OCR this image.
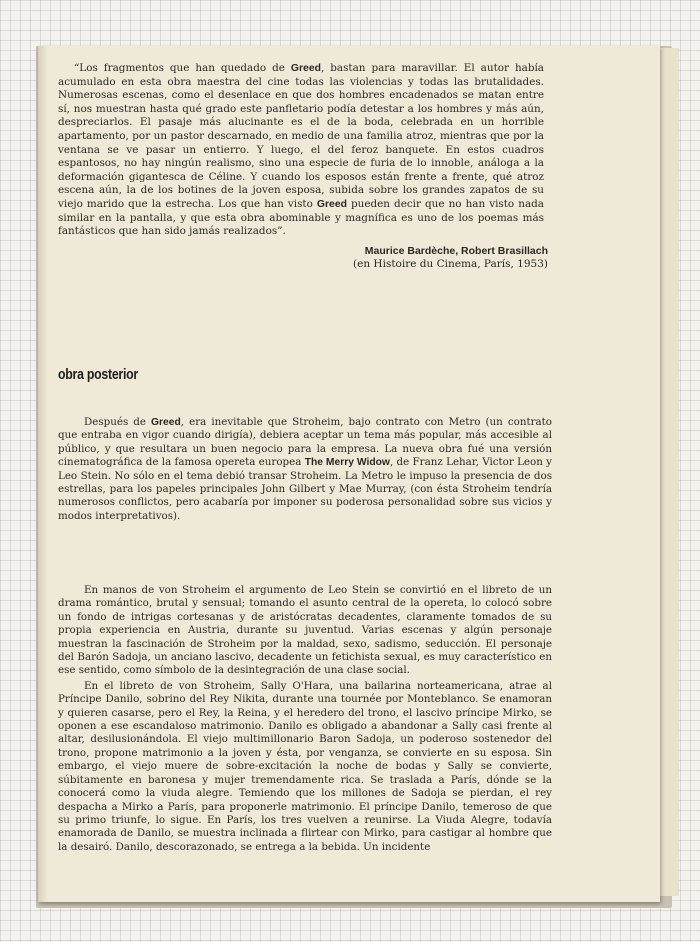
“Los fragmentos que han quedado de Greed, bastan para maravillar. El autor había acumulado en esta obra maestra del cine todas las violencias y todas las brutalidades. Numerosas escenas, como el desenlace en que dos hombres encadenados se matan entre sí, nos muestran hasta qué grado este panfletario podía detestar a los hombres y más aún, despreciarlos. El pasaje más alucinante es el de la boda, celebrada en un horrible apartamento, por un pastor descarnado, en medio de una familia atroz, mientras que por la ventana se ve pasar un entierro. Y luego, el del feroz banquete. En estos cuadros espantosos, no hay ningún realismo, sino una especie de furia de lo innoble, análoga a la deformación gigantesca de Céline. Y cuando los esposos están frente a frente, qué atroz escena aún, la de los botines de la joven esposa, subida sobre los grandes zapatos de su viejo marido que la estrecha. Los que han visto Greed pueden decir que no han visto nada similar en la pantalla, y que esta obra abominable y magnífica es uno de los poemas más fantásticos que han sido jamás realizados”.

Maurice Bardèche, Robert Brasillach
(en Histoire du Cinema, París, 1953)
obra posterior

Después de Greed, era inevitable que Stroheim, bajo contrato con Metro (un contrato que entraba en vigor cuando dirigía), debiera aceptar un tema más popular, más accesible al público, y que resultara un buen negocio para la empresa. La nueva obra fué una versión cinematográfica de la famosa opereta europea The Merry Widow, de Franz Lehar, Victor Leon y Leo Stein. No sólo en el tema debió transar Stroheim. La Metro le impuso la presencia de dos estrellas, para los papeles principales John Gilbert y Mae Murray, (con ésta Stroheim tendría numerosos conflictos, pero acabaría por imponer su poderosa personalidad sobre sus vicios y modos interpretativos).

En manos de von Stroheim el argumento de Leo Stein se convirtió en el libreto de un drama romántico, brutal y sensual; tomando el asunto central de la opereta, lo colocó sobre un fondo de intrigas cortesanas y de aristócratas decadentes, claramente tomados de su propia experiencia en Austria, durante su juventud. Varias escenas y algún personaje muestran la fascinación de Stroheim por la maldad, sexo, sadismo, seducción. El personaje del Barón Sadoja, un anciano lascivo, decadente un fetichista sexual, es muy característico en ese sentido, como símbolo de la desintegración de una clase social.

En el libreto de von Stroheim, Sally O'Hara, una bailarina norteamericana, atrae al Príncipe Danilo, sobrino del Rey Nikita, durante una tournée por Monteblanco. Se enamoran y quieren casarse, pero el Rey, la Reina, y el heredero del trono, el lascivo príncipe Mirko, se oponen a ese escandaloso matrimonio. Danilo es obligado a abandonar a Sally casi frente al altar, desilusionándola. El viejo multimillonario Baron Sadoja, un poderoso sostenedor del trono, propone matrimonio a la joven y ésta, por venganza, se convierte en su esposa. Sin embargo, el viejo muere de sobre-excitación la noche de bodas y Sally se convierte, súbitamente en baronesa y mujer tremendamente rica. Se traslada a París, dónde se la conocerá como la viuda alegre. Temiendo que los millones de Sadoja se pierdan, el rey despacha a Mirko a París, para proponerle matrimonio. El príncipe Danilo, temeroso de que su primo triunfe, lo sigue. En París, los tres vuelven a reunirse. La Viuda Alegre, todavía enamorada de Danilo, se muestra inclinada a flirtear con Mirko, para castigar al hombre que la desairó. Danilo, descorazonado, se entrega a la bebida. Un incidente
